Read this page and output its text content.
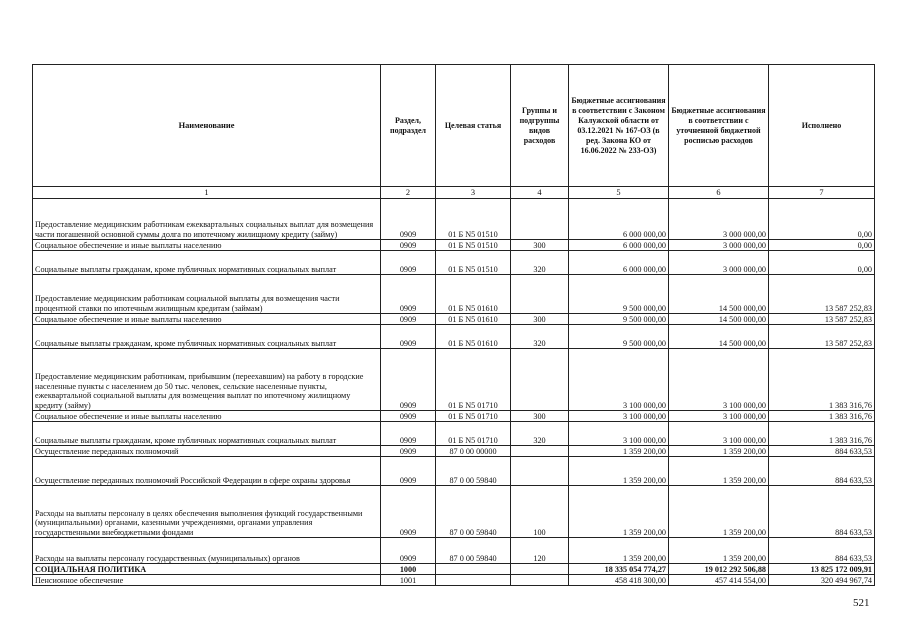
Наименование	Раздел, подраздел	Целевая статья	Группы и подгруппы видов расходов	Бюджетные ассигнования в соответствии с Законом Калужской области от 03.12.2021 № 167-ОЗ (в ред. Закона КО от 16.06.2022 № 233-ОЗ)	Бюджетные ассигнования в соответствии с уточненной бюджетной росписью расходов	Исполнено
1	2	3	4	5	6	7
Предоставление медицинским работникам ежеквартальных социальных выплат для возмещения части погашенной основной суммы долга по ипотечному жилищному кредиту (займу)	0909	01 Б N5 01510		6 000 000,00	3 000 000,00	0,00
Социальное обеспечение и иные выплаты населению	0909	01 Б N5 01510	300	6 000 000,00	3 000 000,00	0,00
Социальные выплаты гражданам, кроме публичных нормативных социальных выплат	0909	01 Б N5 01510	320	6 000 000,00	3 000 000,00	0,00
Предоставление медицинским работникам социальной выплаты для возмещения части процентной ставки по ипотечным жилищным кредитам (займам)	0909	01 Б N5 01610		9 500 000,00	14 500 000,00	13 587 252,83
Социальное обеспечение и иные выплаты населению	0909	01 Б N5 01610	300	9 500 000,00	14 500 000,00	13 587 252,83
Социальные выплаты гражданам, кроме публичных нормативных социальных выплат	0909	01 Б N5 01610	320	9 500 000,00	14 500 000,00	13 587 252,83
Предоставление медицинским работникам, прибывшим (переехавшим) на работу в городские населенные пункты с населением до 50 тыс. человек, сельские населенные пункты, ежеквартальной социальной выплаты для возмещения выплат по ипотечному жилищному кредиту (займу)	0909	01 Б N5 01710		3 100 000,00	3 100 000,00	1 383 316,76
Социальное обеспечение и иные выплаты населению	0909	01 Б N5 01710	300	3 100 000,00	3 100 000,00	1 383 316,76
Социальные выплаты гражданам, кроме публичных нормативных социальных выплат	0909	01 Б N5 01710	320	3 100 000,00	3 100 000,00	1 383 316,76
Осуществление переданных полномочий	0909	87 0 00 00000		1 359 200,00	1 359 200,00	884 633,53
Осуществление переданных полномочий Российской Федерации в сфере охраны здоровья	0909	87 0 00 59840		1 359 200,00	1 359 200,00	884 633,53
Расходы на выплаты персоналу в целях обеспечения выполнения функций государственными (муниципальными) органами, казенными учреждениями, органами управления государственными внебюджетными фондами	0909	87 0 00 59840	100	1 359 200,00	1 359 200,00	884 633,53
Расходы на выплаты персоналу государственных (муниципальных) органов	0909	87 0 00 59840	120	1 359 200,00	1 359 200,00	884 633,53
СОЦИАЛЬНАЯ ПОЛИТИКА	1000			18 335 054 774,27	19 012 292 506,88	13 825 172 009,91
Пенсионное обеспечение	1001			458 418 300,00	457 414 554,00	320 494 967,74
521
